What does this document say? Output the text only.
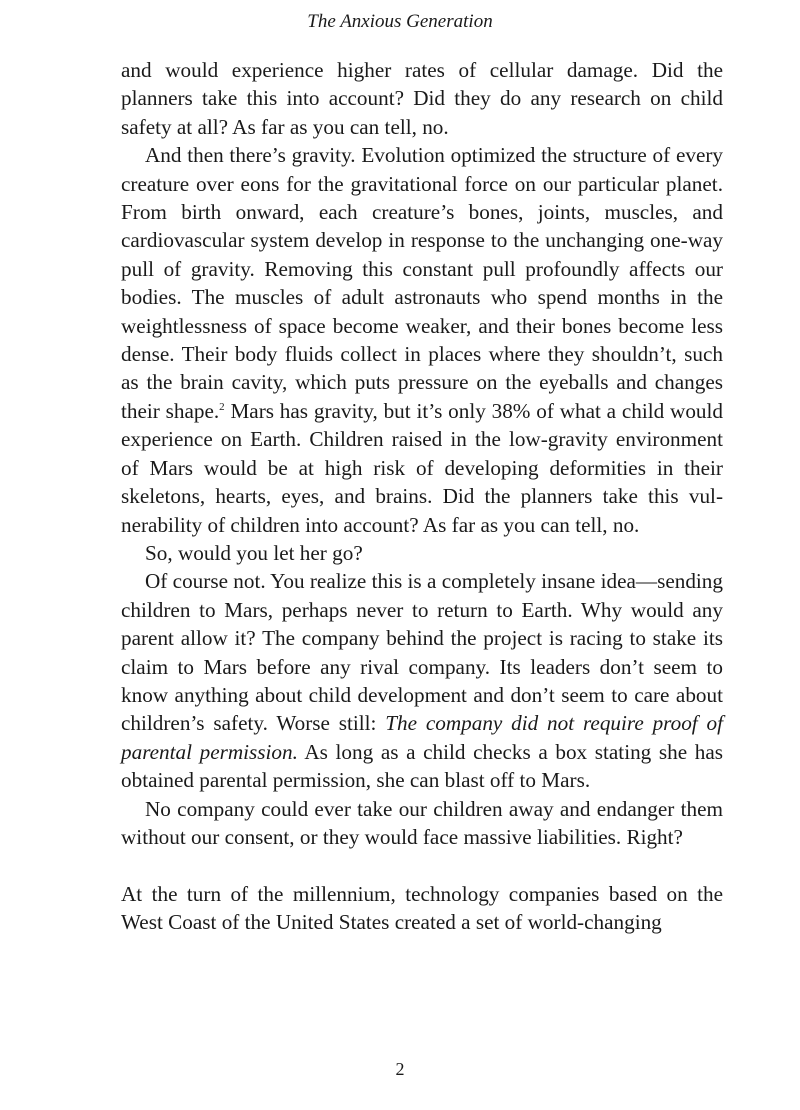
The Anxious Generation

and would experience higher rates of cellular damage. Did the planners take this into account? Did they do any research on child safety at all? As far as you can tell, no.

And then there’s gravity. Evolution optimized the structure of every creature over eons for the gravitational force on our particular planet. From birth onward, each creature’s bones, joints, muscles, and cardiovascular system develop in response to the unchanging one-way pull of gravity. Removing this constant pull profoundly affects our bodies. The muscles of adult astronauts who spend months in the weightlessness of space become weaker, and their bones become less dense. Their body fluids collect in places where they shouldn’t, such as the brain cavity, which puts pressure on the eyeballs and changes their shape.$^2$ Mars has gravity, but it’s only 38% of what a child would experience on Earth. Children raised in the low-gravity environment of Mars would be at high risk of developing deformities in their skeletons, hearts, eyes, and brains. Did the planners take this vulnerability of children into account? As far as you can tell, no.

So, would you let her go?

Of course not. You realize this is a completely insane idea—sending children to Mars, perhaps never to return to Earth. Why would any parent allow it? The company behind the project is racing to stake its claim to Mars before any rival company. Its leaders don’t seem to know anything about child development and don’t seem to care about children’s safety. Worse still: The company did not require proof of parental permission. As long as a child checks a box stating she has obtained parental permission, she can blast off to Mars.

No company could ever take our children away and endanger them without our consent, or they would face massive liabilities. Right?

At the turn of the millennium, technology companies based on the West Coast of the United States created a set of world-changing

2
